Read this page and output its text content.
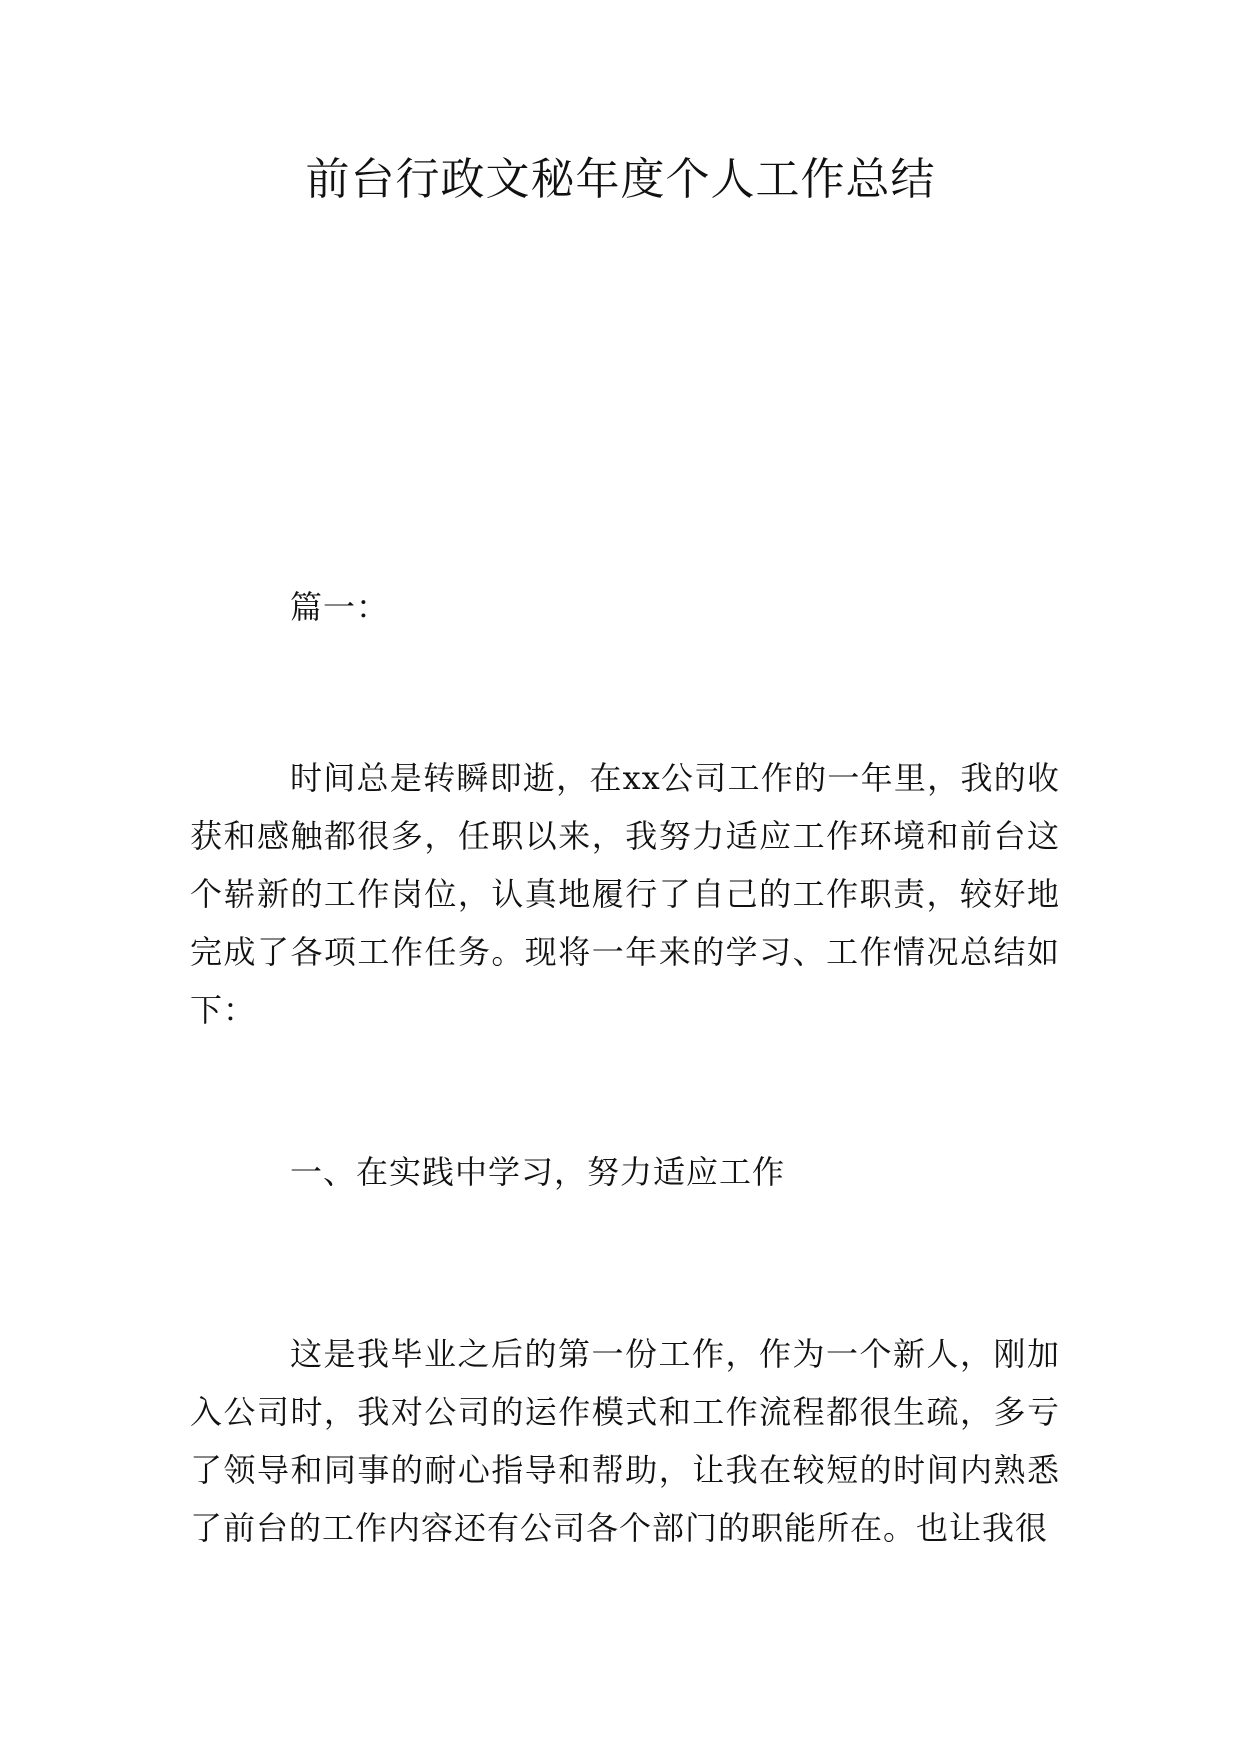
前台行政文秘年度个人工作总结

篇一：

时间总是转瞬即逝，在xx公司工作的一年里，我的收获和感触都很多，任职以来，我努力适应工作环境和前台这个崭新的工作岗位，认真地履行了自己的工作职责，较好地完成了各项工作任务。现将一年来的学习、工作情况总结如下：

一、在实践中学习，努力适应工作

这是我毕业之后的第一份工作，作为一个新人，刚加入公司时，我对公司的运作模式和工作流程都很生疏，多亏了领导和同事的耐心指导和帮助，让我在较短的时间内熟悉了前台的工作内容还有公司各个部门的职能所在。也让我很
